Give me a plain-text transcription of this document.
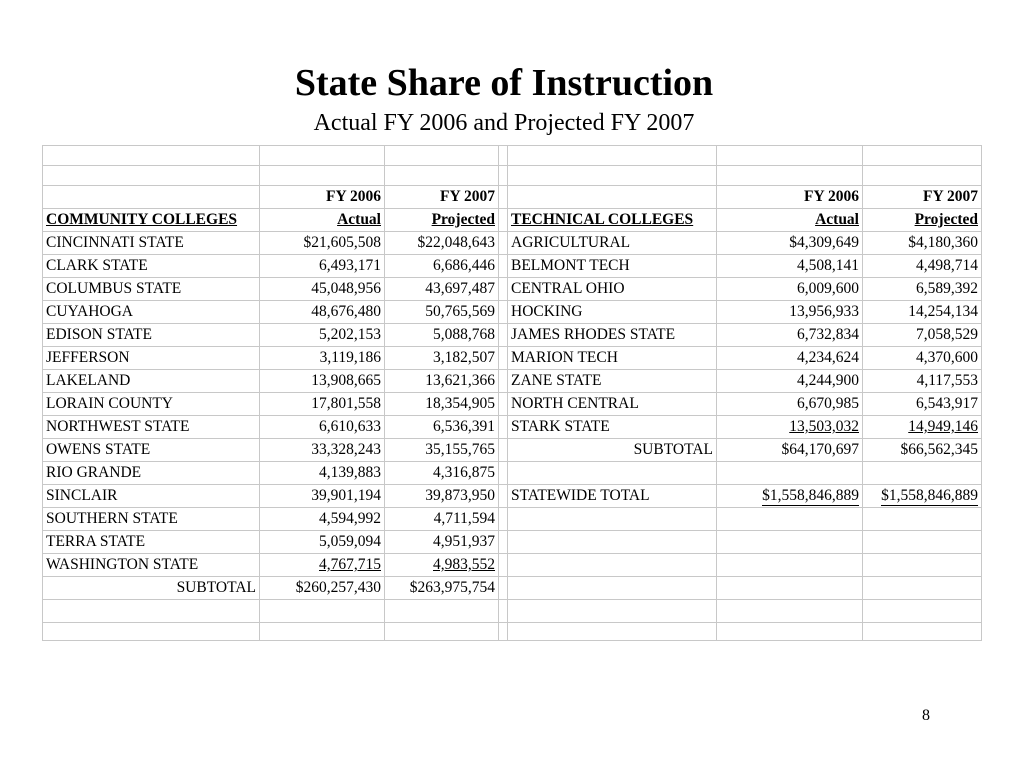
State Share of Instruction
Actual FY 2006 and Projected FY 2007

	FY 2006	FY 2007			FY 2006	FY 2007
COMMUNITY COLLEGES	Actual	Projected		TECHNICAL COLLEGES	Actual	Projected
CINCINNATI STATE	$21,605,508	$22,048,643		AGRICULTURAL	$4,309,649	$4,180,360
CLARK STATE	6,493,171	6,686,446		BELMONT TECH	4,508,141	4,498,714
COLUMBUS STATE	45,048,956	43,697,487		CENTRAL OHIO	6,009,600	6,589,392
CUYAHOGA	48,676,480	50,765,569		HOCKING	13,956,933	14,254,134
EDISON STATE	5,202,153	5,088,768		JAMES RHODES STATE	6,732,834	7,058,529
JEFFERSON	3,119,186	3,182,507		MARION TECH	4,234,624	4,370,600
LAKELAND	13,908,665	13,621,366		ZANE STATE	4,244,900	4,117,553
LORAIN COUNTY	17,801,558	18,354,905		NORTH CENTRAL	6,670,985	6,543,917
NORTHWEST STATE	6,610,633	6,536,391		STARK STATE	13,503,032	14,949,146
OWENS STATE	33,328,243	35,155,765		SUBTOTAL	$64,170,697	$66,562,345
RIO GRANDE	4,139,883	4,316,875				
SINCLAIR	39,901,194	39,873,950		STATEWIDE TOTAL	$1,558,846,889	$1,558,846,889
SOUTHERN STATE	4,594,992	4,711,594				
TERRA STATE	5,059,094	4,951,937				
WASHINGTON STATE	4,767,715	4,983,552				
SUBTOTAL	$260,257,430	$263,975,754				

8
